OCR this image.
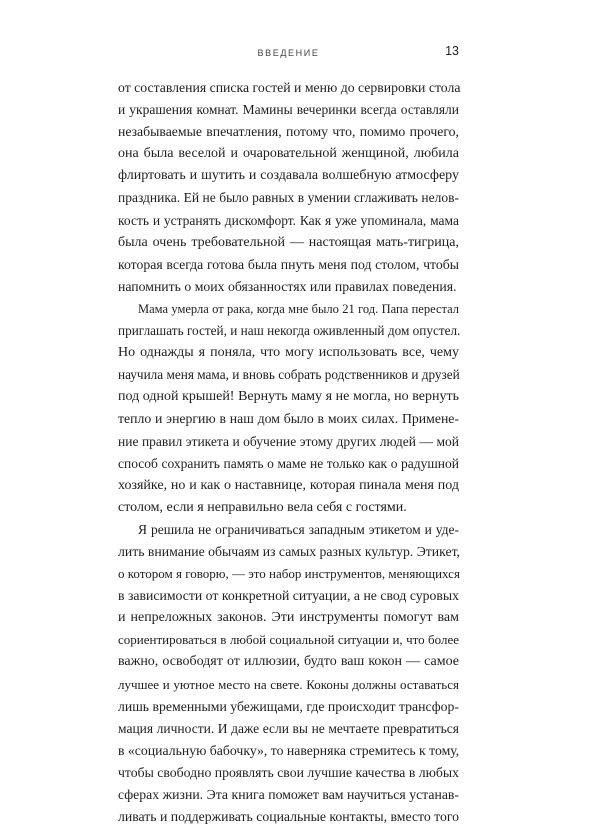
ВВЕДЕНИЕ	13
от составления списка гостей и меню до сервировки стола
и украшения комнат. Мамины вечеринки всегда оставляли
незабываемые впечатления, потому что, помимо прочего,
она была веселой и очаровательной женщиной, любила
флиртовать и шутить и создавала волшебную атмосферу
праздника. Ей не было равных в умении сглаживать нелов-
кость и устранять дискомфорт. Как я уже упоминала, мама
была очень требовательной — настоящая мать-тигрица,
которая всегда готова была пнуть меня под столом, чтобы
напомнить о моих обязанностях или правилах поведения.
Мама умерла от рака, когда мне было 21 год. Папа перестал
приглашать гостей, и наш некогда оживленный дом опустел.
Но однажды я поняла, что могу использовать все, чему
научила меня мама, и вновь собрать родственников и друзей
под одной крышей! Вернуть маму я не могла, но вернуть
тепло и энергию в наш дом было в моих силах. Примене-
ние правил этикета и обучение этому других людей — мой
способ сохранить память о маме не только как о радушной
хозяйке, но и как о наставнице, которая пинала меня под
столом, если я неправильно вела себя с гостями.
Я решила не ограничиваться западным этикетом и уде-
лить внимание обычаям из самых разных культур. Этикет,
о котором я говорю, — это набор инструментов, меняющихся
в зависимости от конкретной ситуации, а не свод суровых
и непреложных законов. Эти инструменты помогут вам
сориентироваться в любой социальной ситуации и, что более
важно, освободят от иллюзии, будто ваш кокон — самое
лучшее и уютное место на свете. Коконы должны оставаться
лишь временными убежищами, где происходит трансфор-
мация личности. И даже если вы не мечтаете превратиться
в «социальную бабочку», то наверняка стремитесь к тому,
чтобы свободно проявлять свои лучшие качества в любых
сферах жизни. Эта книга поможет вам научиться устанав-
ливать и поддерживать социальные контакты, вместо того
